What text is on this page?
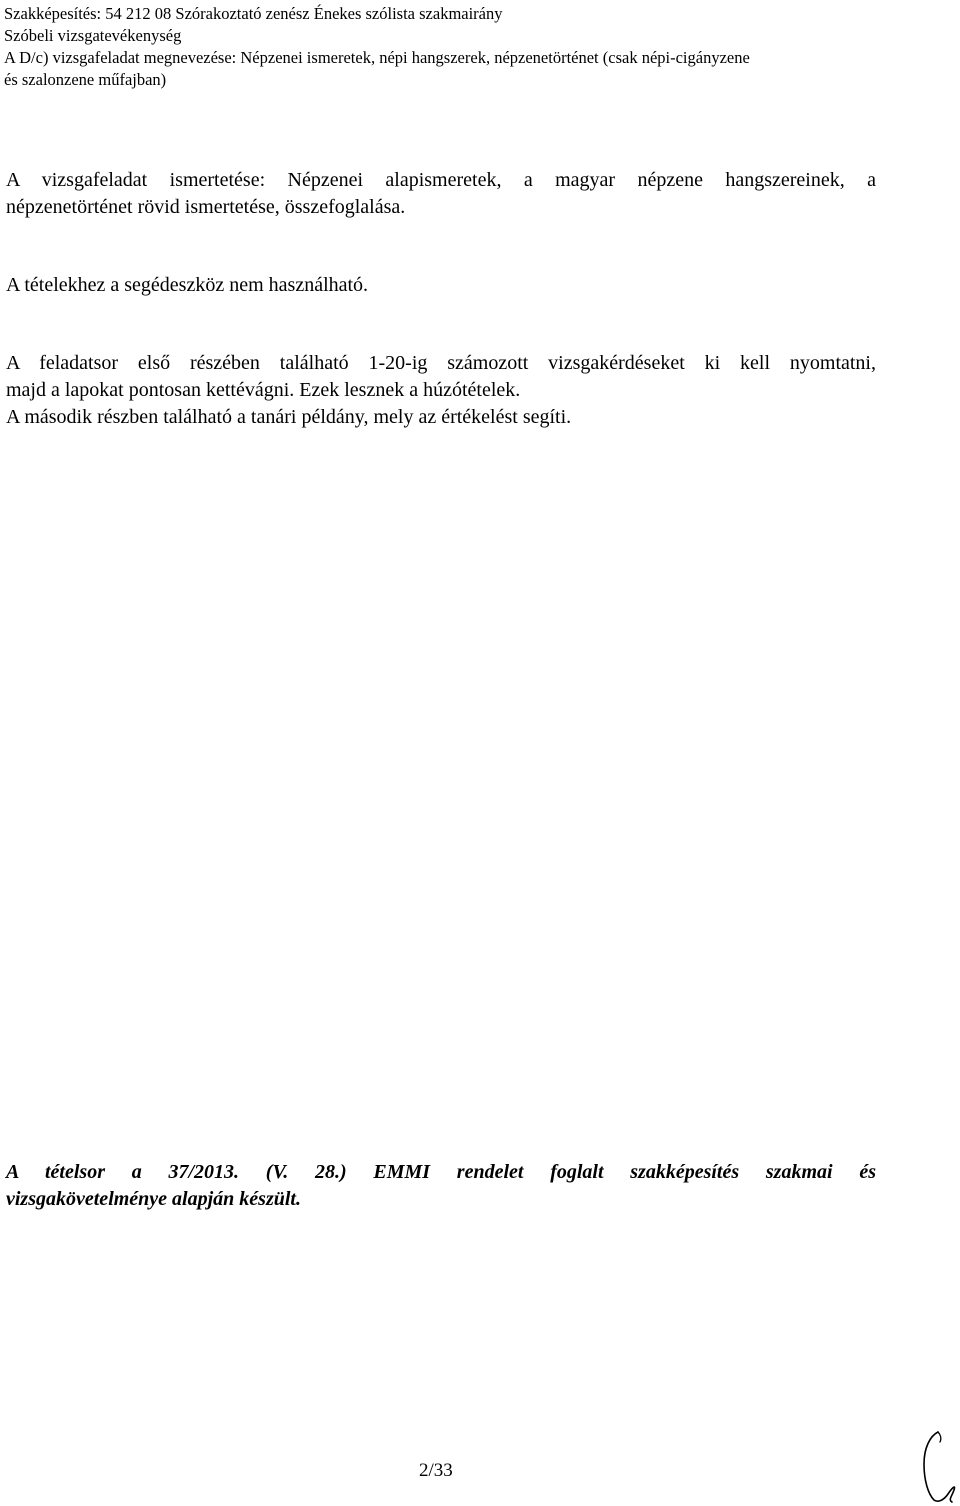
Szakképesítés: 54 212 08 Szórakoztató zenész Énekes szólista szakmairány
Szóbeli vizsgatevékenység
A D/c) vizsgafeladat megnevezése: Népzenei ismeretek, népi hangszerek, népzenetörténet (csak népi-cigányzene
és szalonzene műfajban)
A vizsgafeladat ismertetése: Népzenei alapismeretek, a magyar népzene hangszereinek, a
népzenetörténet rövid ismertetése, összefoglalása.
A tételekhez a segédeszköz nem használható.
A feladatsor első részében található 1-20-ig számozott vizsgakérdéseket ki kell nyomtatni,
majd a lapokat pontosan kettévágni. Ezek lesznek a húzótételek.
A második részben található a tanári példány, mely az értékelést segíti.
A tételsor a 37/2013. (V. 28.) EMMI rendelet foglalt szakképesítés szakmai és
vizsgakövetelménye alapján készült.
2/33
